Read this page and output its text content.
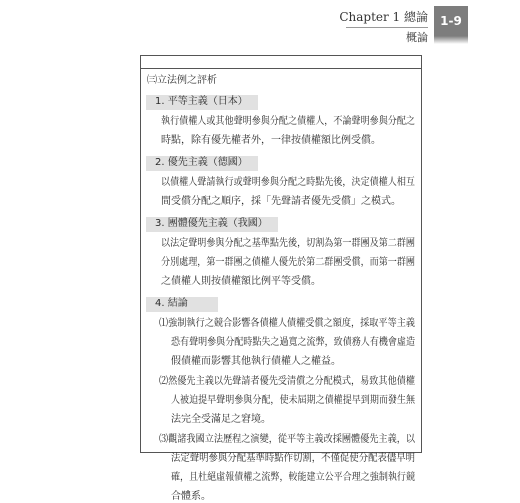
Chapter 1 總論
概論
1-9
㈢立法例之評析
1. 平等主義（日本）
執行債權人或其他聲明參與分配之債權人，不論聲明參與分配之
時點，除有優先權者外，一律按債權額比例受償。
2. 優先主義（德國）
以債權人聲請執行或聲明參與分配之時點先後，決定債權人相互
間受償分配之順序，採「先聲請者優先受償」之模式。
3. 團體優先主義（我國）
以法定聲明參與分配之基準點先後，切割為第一群團及第二群團
分別處理，第一群團之債權人優先於第二群團受償，而第一群團
之債權人則按債權額比例平等受償。
4. 結論
⑴強制執行之競合影響各債權人債權受償之額度，採取平等主義
恐有聲明參與分配時點失之過寬之流弊，致債務人有機會虛造
假債權而影響其他執行債權人之權益。
⑵然優先主義以先聲請者優先受清償之分配模式，易致其他債權
人被迫提早聲明參與分配，使未屆期之債權提早到期而發生無
法完全受滿足之窘境。
⑶觀諸我國立法歷程之演變，從平等主義改採團體優先主義，以
法定聲明參與分配基準時點作切割，不僅促使分配表儘早明
確，且杜絕虛報債權之流弊，較能建立公平合理之強制執行競
合體系。
